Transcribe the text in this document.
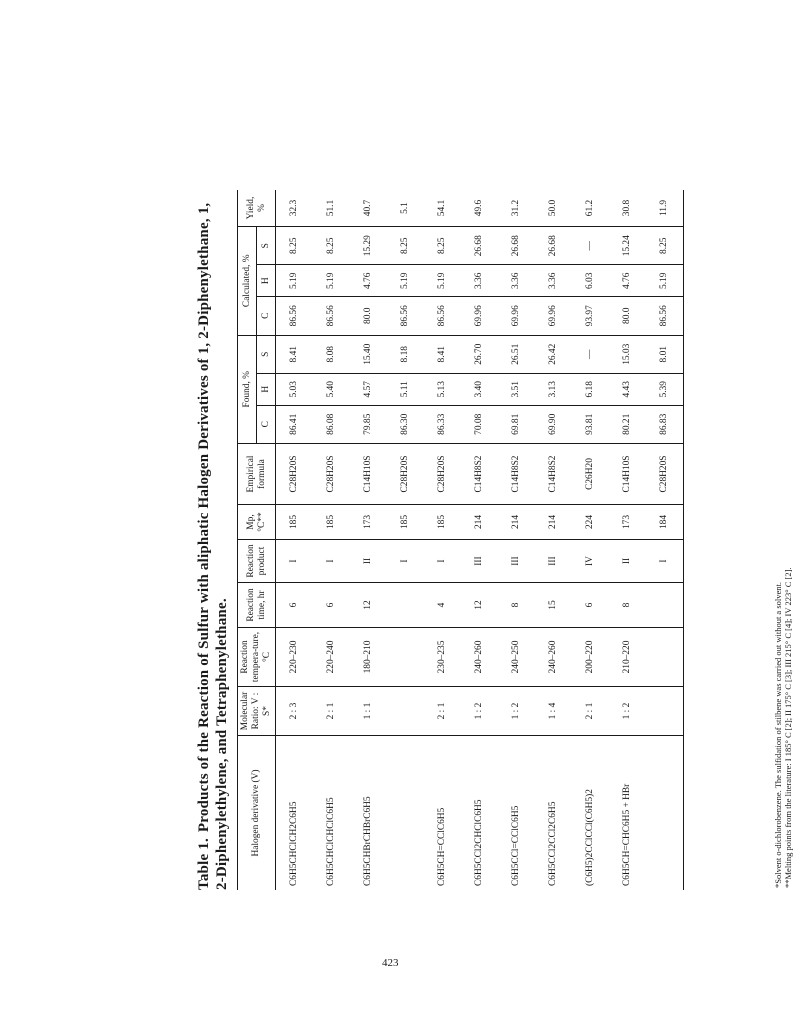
Table 1.Products of the Reaction of Sulfur with aliphatic Halogen Derivatives of 1, 2-Diphenylethane, 1, 2-Diphenylethylene, and Tetraphenylethane. Halogen derivative (V)	Molecular Ratio: V : S*	Reaction tempera-ture, °C	Reaction time, hr	Reaction product	Mp, °C**	Empirical formula	Found, %			Calculated, %			Yield, %
							C	H	S	C	H	S	
C6H5CHClCH2C6H5	2 : 3	220–230	6	I	185	C28H20S	86.41	5.03	8.41	86.56	5.19	8.25	32.3
C6H5CHClCHClC6H5	2 : 1	220–240	6	I	185	C28H20S	86.08	5.40	8.08	86.56	5.19	8.25	51.1
C6H5CHBrCHBrC6H5	1 : 1	180–210	12	II	173	C14H10S	79.85	4.57	15.40	80.0	4.76	15.29	40.7
				I	185	C28H20S	86.30	5.11	8.18	86.56	5.19	8.25	5.1
C6H5CH=CClC6H5	2 : 1	230–235	4	I	185	C28H20S	86.33	5.13	8.41	86.56	5.19	8.25	54.1
C6H5CCl2CHClC6H5	1 : 2	240–260	12	III	214	C14H8S2	70.08	3.40	26.70	69.96	3.36	26.68	49.6
C6H5CCl=CClC6H5	1 : 2	240–250	8	III	214	C14H8S2	69.81	3.51	26.51	69.96	3.36	26.68	31.2
C6H5CCl2CCl2C6H5	1 : 4	240–260	15	III	214	C14H8S2	69.90	3.13	26.42	69.96	3.36	26.68	50.0
(C6H5)2CClCCl(C6H5)2	2 : 1	200–220	6	IV	224	C26H20	93.81	6.18	—	93.97	6.03	—	61.2
C6H5CH=CHC6H5 + HBr	1 : 2	210–220	8	II	173	C14H10S	80.21	4.43	15.03	80.0	4.76	15.24	30.8
				I	184	C28H20S	86.83	5.39	8.01	86.56	5.19	8.25	11.9
*Solvent o-dichlorobenzene. The sulfidation of stilbene was carried out without a solvent. **Melting points from the literature: I 185° C [2]; II 175° C [3]; III 215° C [4]; IV 223° C [2].
423
